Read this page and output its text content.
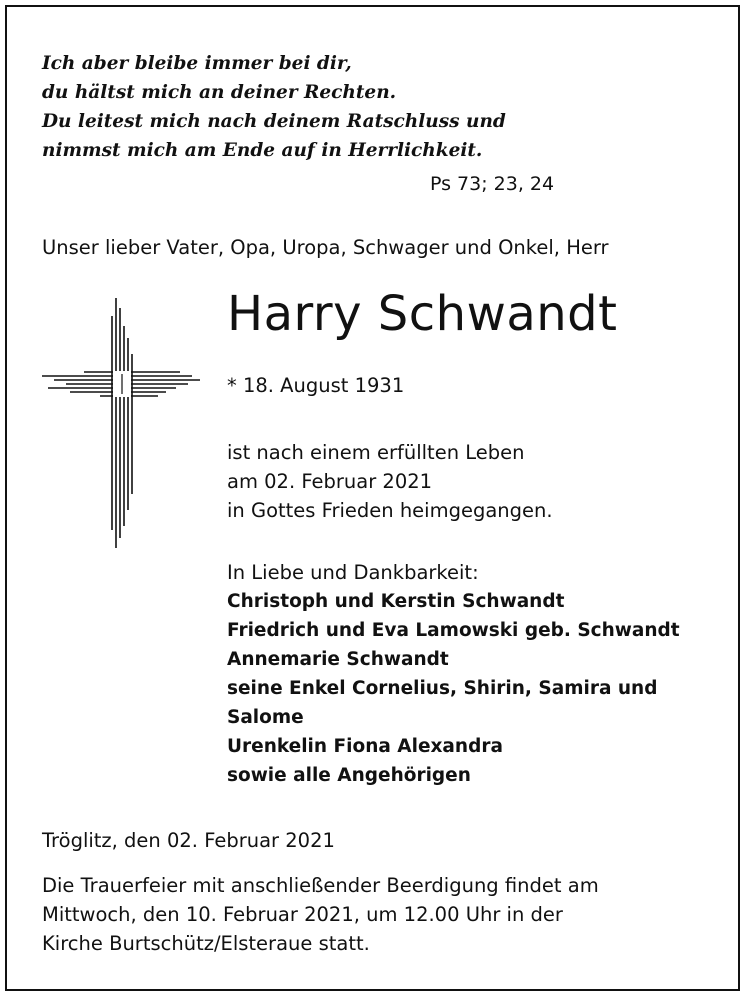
Ich aber bleibe immer bei dir,
du hältst mich an deiner Rechten.
Du leitest mich nach deinem Ratschluss und
nimmst mich am Ende auf in Herrlichkeit.
Ps 73; 23, 24
Unser lieber Vater, Opa, Uropa, Schwager und Onkel, Herr
Harry Schwandt
* 18. August 1931
ist nach einem erfüllten Leben
am 02. Februar 2021
in Gottes Frieden heimgegangen.
In Liebe und Dankbarkeit:
Christoph und Kerstin Schwandt
Friedrich und Eva Lamowski geb. Schwandt
Annemarie Schwandt
seine Enkel Cornelius, Shirin, Samira und
Salome
Urenkelin Fiona Alexandra
sowie alle Angehörigen
Tröglitz, den 02. Februar 2021
Die Trauerfeier mit anschließender Beerdigung findet am
Mittwoch, den 10. Februar 2021, um 12.00 Uhr in der
Kirche Burtschütz/Elsteraue statt.
